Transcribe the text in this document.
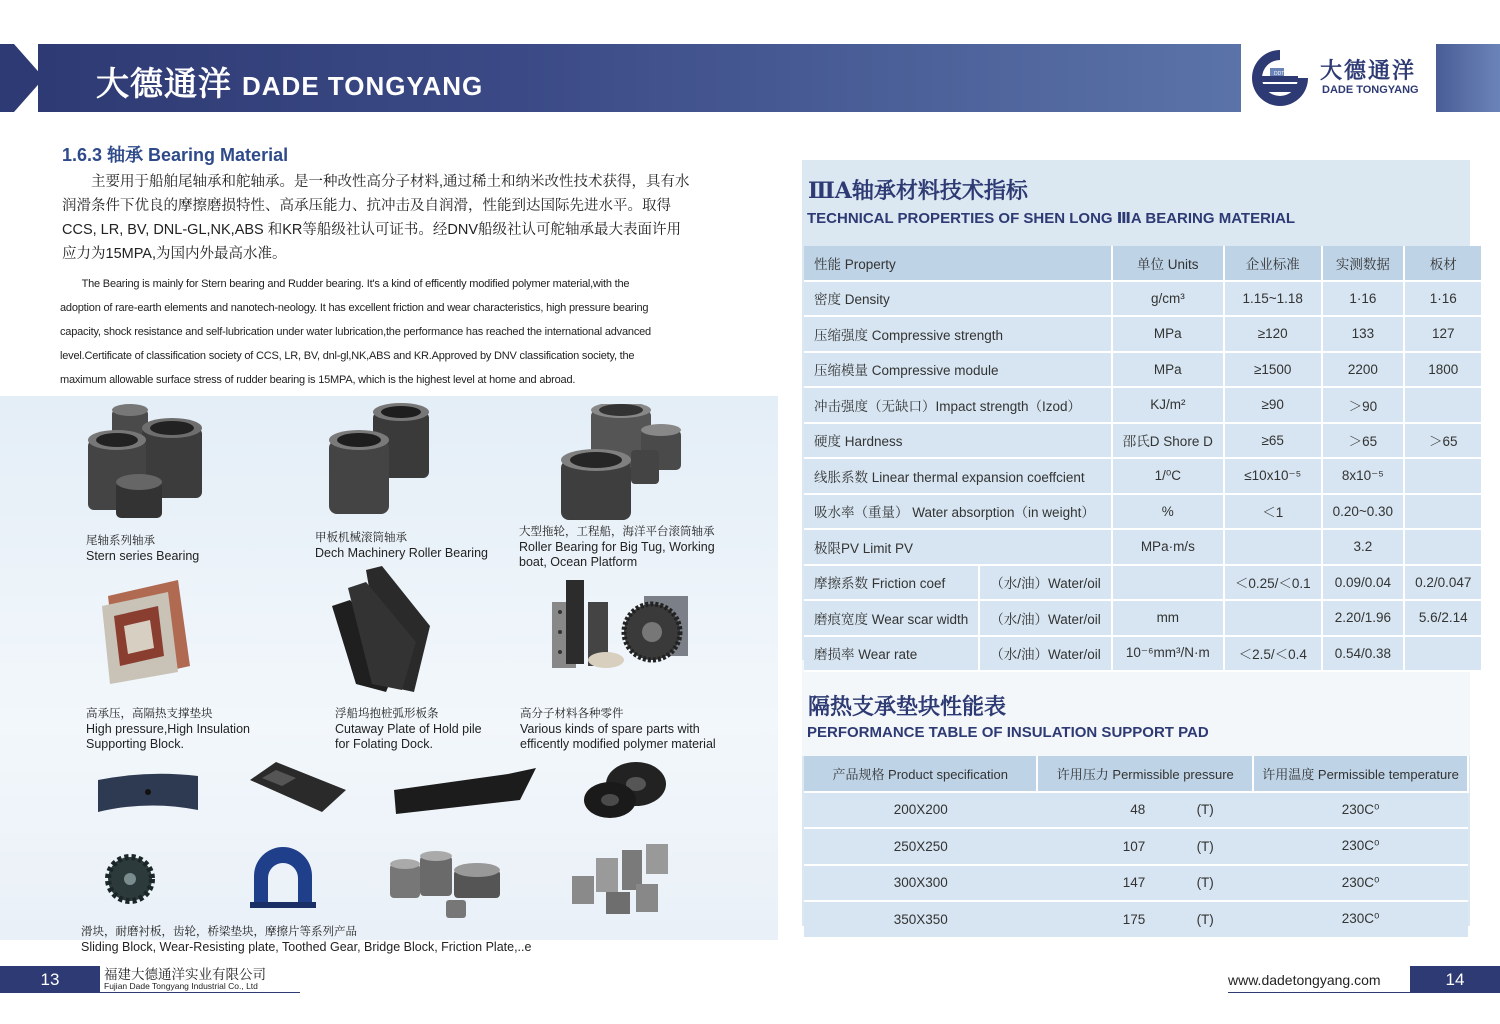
大德通洋 DADE TONGYANG	DDTY 大德通洋
DADE TONGYANG
1.6.3 轴承 Bearing Material

　　主要用于船舶尾轴承和舵轴承。是一种改性高分子材料,通过稀土和纳米改性技术获得，具有水

润滑条件下优良的摩擦磨损特性、高承压能力、抗冲击及自润滑，性能到达国际先进水平。取得

CCS, LR, BV, DNL-GL,NK,ABS 和KR等船级社认可证书。经DNV船级社认可舵轴承最大表面许用

应力为15MPA,为国内外最高水准。

　　The Bearing is mainly for Stern bearing and Rudder bearing. It's a kind of efficently modified polymer material,with the
adoption of rare-earth elements and nanotech-neology. It has excellent friction and wear characteristics, high pressure bearing
capacity, shock resistance and self-lubrication under water lubrication,the performance has reached the international advanced
level.Certificate of classification society of CCS, LR, BV, dnl-gl,NK,ABS and KR.Approved by DNV classification society, the
maximum allowable surface stress of rudder bearing is 15MPA, which is the highest level at home and abroad.
尾轴系列轴承
Stern series Bearing
甲板机械滚筒轴承
Dech Machinery Roller Bearing
大型拖轮，工程船，海洋平台滚筒轴承
Roller Bearing for Big Tug, Working
boat, Ocean Platform
高承压，高隔热支撑垫块
High pressure,High Insulation
Supporting Block.
浮船坞抱桩弧形板条
Cutaway Plate of Hold pile
for Folating Dock.
高分子材料各种零件
Various kinds of spare parts with
efficently modified polymer material
滑块，耐磨衬板，齿轮，桥梁垫块，摩擦片等系列产品
Sliding Block, Wear-Resisting plate, Toothed Gear, Bridge Block, Friction Plate,..e
ⅢA轴承材料技术指标
TECHNICAL PROPERTIES OF SHEN LONG ⅢA BEARING MATERIAL
性能 Property		单位 Units	企业标准	实测数据	板材
密度 Density		g/cm³	1.15~1.18	1·16	1·16
压缩强度 Compressive strength		MPa	≥120	133	127
压缩模量 Compressive module		MPa	≥1500	2200	1800
冲击强度（无缺口）Impact strength（Izod）		KJ/m²	≥90	＞90	
硬度 Hardness		邵氏D Shore D	≥65	＞65	＞65
线胀系数 Linear thermal expansion coeffcient		1/⁰C	≤10x10⁻⁵	8x10⁻⁵	
吸水率（重量） Water absorption（in weight）		%	＜1	0.20~0.30	
极限PV Limit PV		MPa·m/s		3.2	
摩擦系数 Friction coef	（水/油）Water/oil		＜0.25/＜0.1	0.09/0.04	0.2/0.047
磨痕宽度 Wear scar width	（水/油）Water/oil	mm		2.20/1.96	5.6/2.14
磨损率 Wear rate	（水/油）Water/oil	10⁻⁶mm³/N·m	＜2.5/＜0.4	0.54/0.38	
隔热支承垫块性能表
PERFORMANCE TABLE OF INSULATION SUPPORT PAD
产品规格 Product specification	许用压力 Permissible pressure		许用温度 Permissible temperature
200X200	48	(T)	230C⁰
250X250	107	(T)	230C⁰
300X300	147	(T)	230C⁰
350X350	175	(T)	230C⁰
13	福建大德通洋实业有限公司
Fujian Dade Tongyang Industrial Co., Ltd	www.dadetongyang.com	14
